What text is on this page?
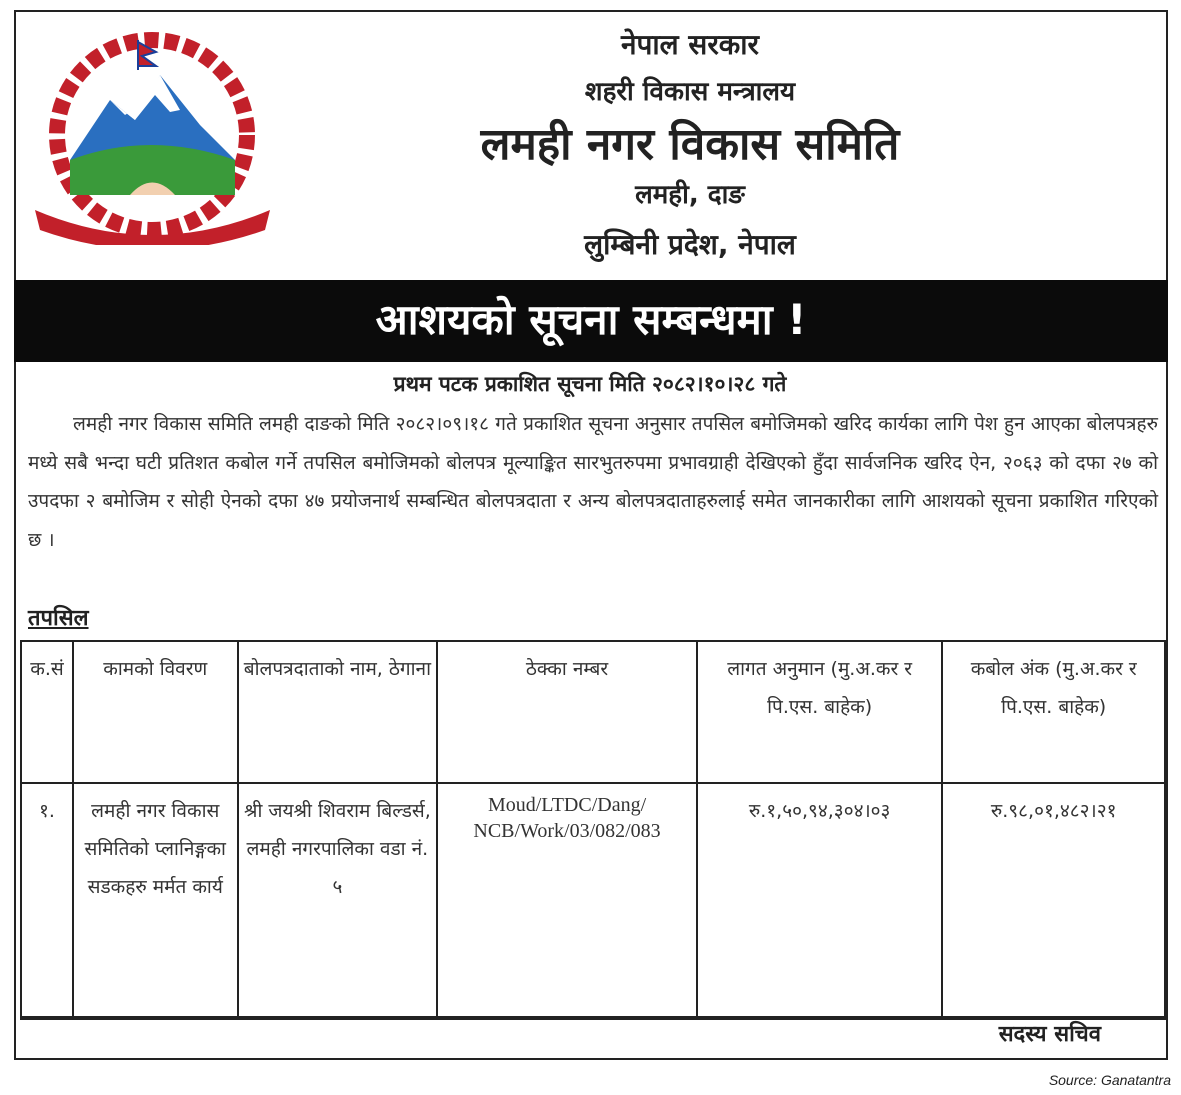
नेपाल सरकार
शहरी विकास मन्त्रालय
लमही नगर विकास समिति
लमही, दाङ
लुम्बिनी प्रदेश, नेपाल
आशयको सूचना सम्बन्धमा !
प्रथम पटक प्रकाशित सूचना मिति २०८२।१०।२८ गते
लमही नगर विकास समिति लमही दाङको मिति २०८२।०९।१८ गते प्रकाशित सूचना अनुसार तपसिल बमोजिमको खरिद कार्यका लागि पेश हुन आएका बोलपत्रहरु मध्ये सबै भन्दा घटी प्रतिशत कबोल गर्ने तपसिल बमोजिमको बोलपत्र मूल्याङ्कित सारभुतरुपमा प्रभावग्राही देखिएको हुँदा सार्वजनिक खरिद ऐन, २०६३ को दफा २७ को उपदफा २ बमोजिम र सोही ऐनको दफा ४७ प्रयोजनार्थ सम्बन्धित बोलपत्रदाता र अन्य बोलपत्रदाताहरुलाई समेत जानकारीका लागि आशयको सूचना प्रकाशित गरिएको छ ।
तपसिल
क.सं	कामको विवरण	बोलपत्रदाताको नाम, ठेगाना	ठेक्का नम्बर	लागत अनुमान (मु.अ.कर र पि.एस. बाहेक)	कबोल अंक (मु.अ.कर र पि.एस. बाहेक)
१.	लमही नगर विकास समितिको प्लानिङ्गका सडकहरु मर्मत कार्य	श्री जयश्री शिवराम बिल्डर्स, लमही नगरपालिका वडा नं. ५	Moud/LTDC/Dang/ NCB/Work/03/082/083	रु.१,५०,९४,३०४।०३	रु.९८,०१,४८२।२१
सदस्य सचिव
Source: Ganatantra
